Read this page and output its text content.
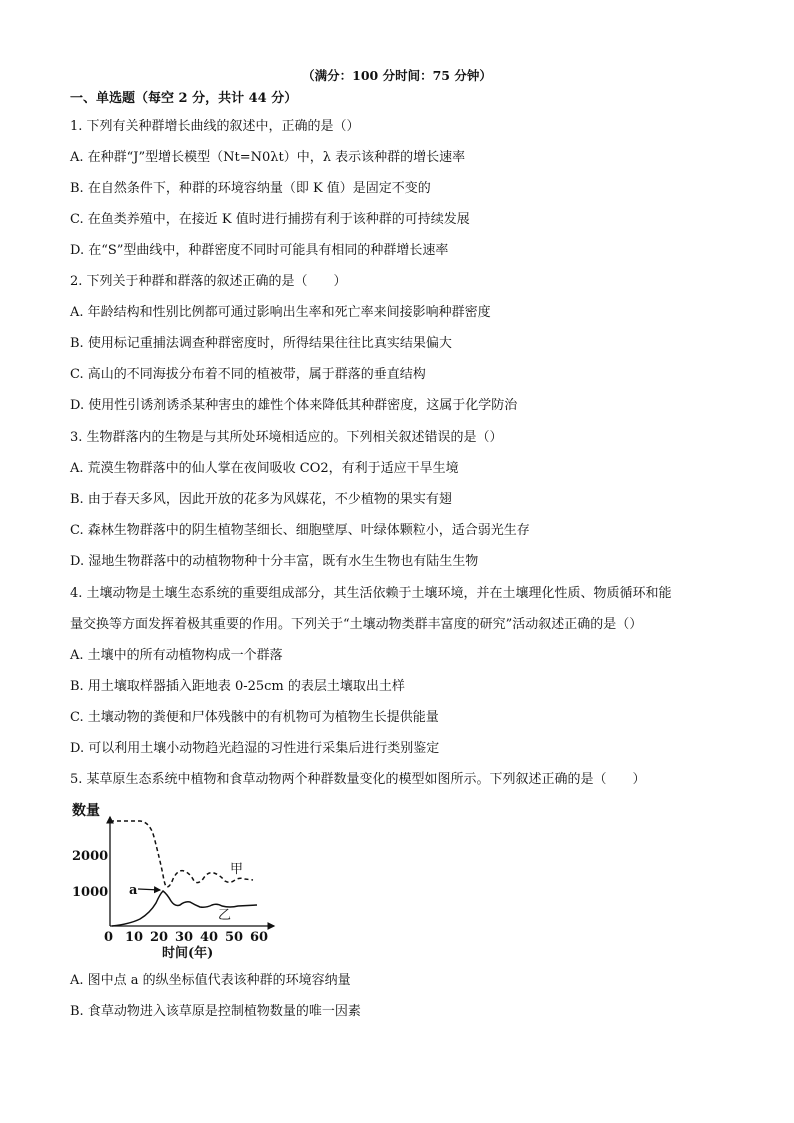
（满分：100 分时间：75 分钟）
一、单选题（每空 2 分，共计 44 分）
1. 下列有关种群增长曲线的叙述中，正确的是（）
A. 在种群“J”型增长模型（Nt=N0λt）中，λ 表示该种群的增长速率
B. 在自然条件下，种群的环境容纳量（即 K 值）是固定不变的
C. 在鱼类养殖中，在接近 K 值时进行捕捞有利于该种群的可持续发展
D. 在“S”型曲线中，种群密度不同时可能具有相同的种群增长速率
2. 下列关于种群和群落的叙述正确的是（　　）
A. 年龄结构和性别比例都可通过影响出生率和死亡率来间接影响种群密度
B. 使用标记重捕法调查种群密度时，所得结果往往比真实结果偏大
C. 高山的不同海拔分布着不同的植被带，属于群落的垂直结构
D. 使用性引诱剂诱杀某种害虫的雄性个体来降低其种群密度，这属于化学防治
3. 生物群落内的生物是与其所处环境相适应的。下列相关叙述错误的是（）
A. 荒漠生物群落中的仙人掌在夜间吸收 CO2，有利于适应干旱生境
B. 由于春天多风，因此开放的花多为风媒花，不少植物的果实有翅
C. 森林生物群落中的阴生植物茎细长、细胞壁厚、叶绿体颗粒小，适合弱光生存
D. 湿地生物群落中的动植物物种十分丰富，既有水生生物也有陆生生物
4. 土壤动物是土壤生态系统的重要组成部分，其生活依赖于土壤环境，并在土壤理化性质、物质循环和能
量交换等方面发挥着极其重要的作用。下列关于“土壤动物类群丰富度的研究”活动叙述正确的是（）
A. 土壤中的所有动植物构成一个群落
B. 用土壤取样器插入距地表 0-25cm 的表层土壤取出土样
C. 土壤动物的粪便和尸体残骸中的有机物可为植物生长提供能量
D. 可以利用土壤小动物趋光趋湿的习性进行采集后进行类别鉴定
5. 某草原生态系统中植物和食草动物两个种群数量变化的模型如图所示。下列叙述正确的是（　　）
数量
2000
1000
0 10 20 30 40 50 60
时间(年)
a
甲
乙
A. 图中点 a 的纵坐标值代表该种群的环境容纳量
B. 食草动物进入该草原是控制植物数量的唯一因素
